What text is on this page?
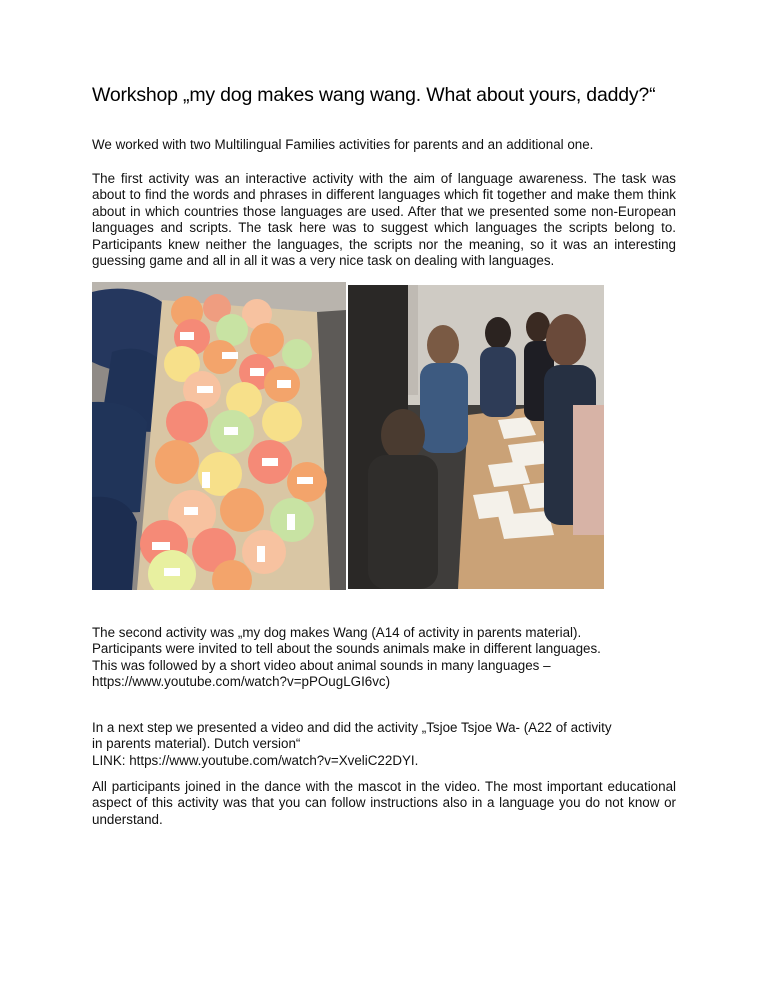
Workshop „my dog makes wang wang. What about yours, daddy?“
We worked with two Multilingual Families activities for parents and an additional one.
The first activity was an interactive activity with the aim of language awareness. The task was about to find the words and phrases in different languages which fit together and make them think about in which countries those languages are used. After that we presented some non-European languages and scripts. The task here was to suggest which languages the scripts belong to. Participants knew neither the languages, the scripts nor the meaning, so it was an interesting guessing game and all in all it was a very nice task on dealing with languages.
The second activity was „my dog makes Wang (A14 of activity in parents material).
Participants were invited to tell about the sounds animals make in different languages.
This was followed by a short video about animal sounds in many languages –
https://www.youtube.com/watch?v=pPOugLGI6vc)
In a next step we presented a video and did the activity „Tsjoe Tsjoe Wa- (A22 of activity
in parents material). Dutch version“
LINK: https://www.youtube.com/watch?v=XveliC22DYI.
All participants joined in the dance with the mascot in the video. The most important educational aspect of this activity was that you can follow instructions also in a language you do not know or understand.
